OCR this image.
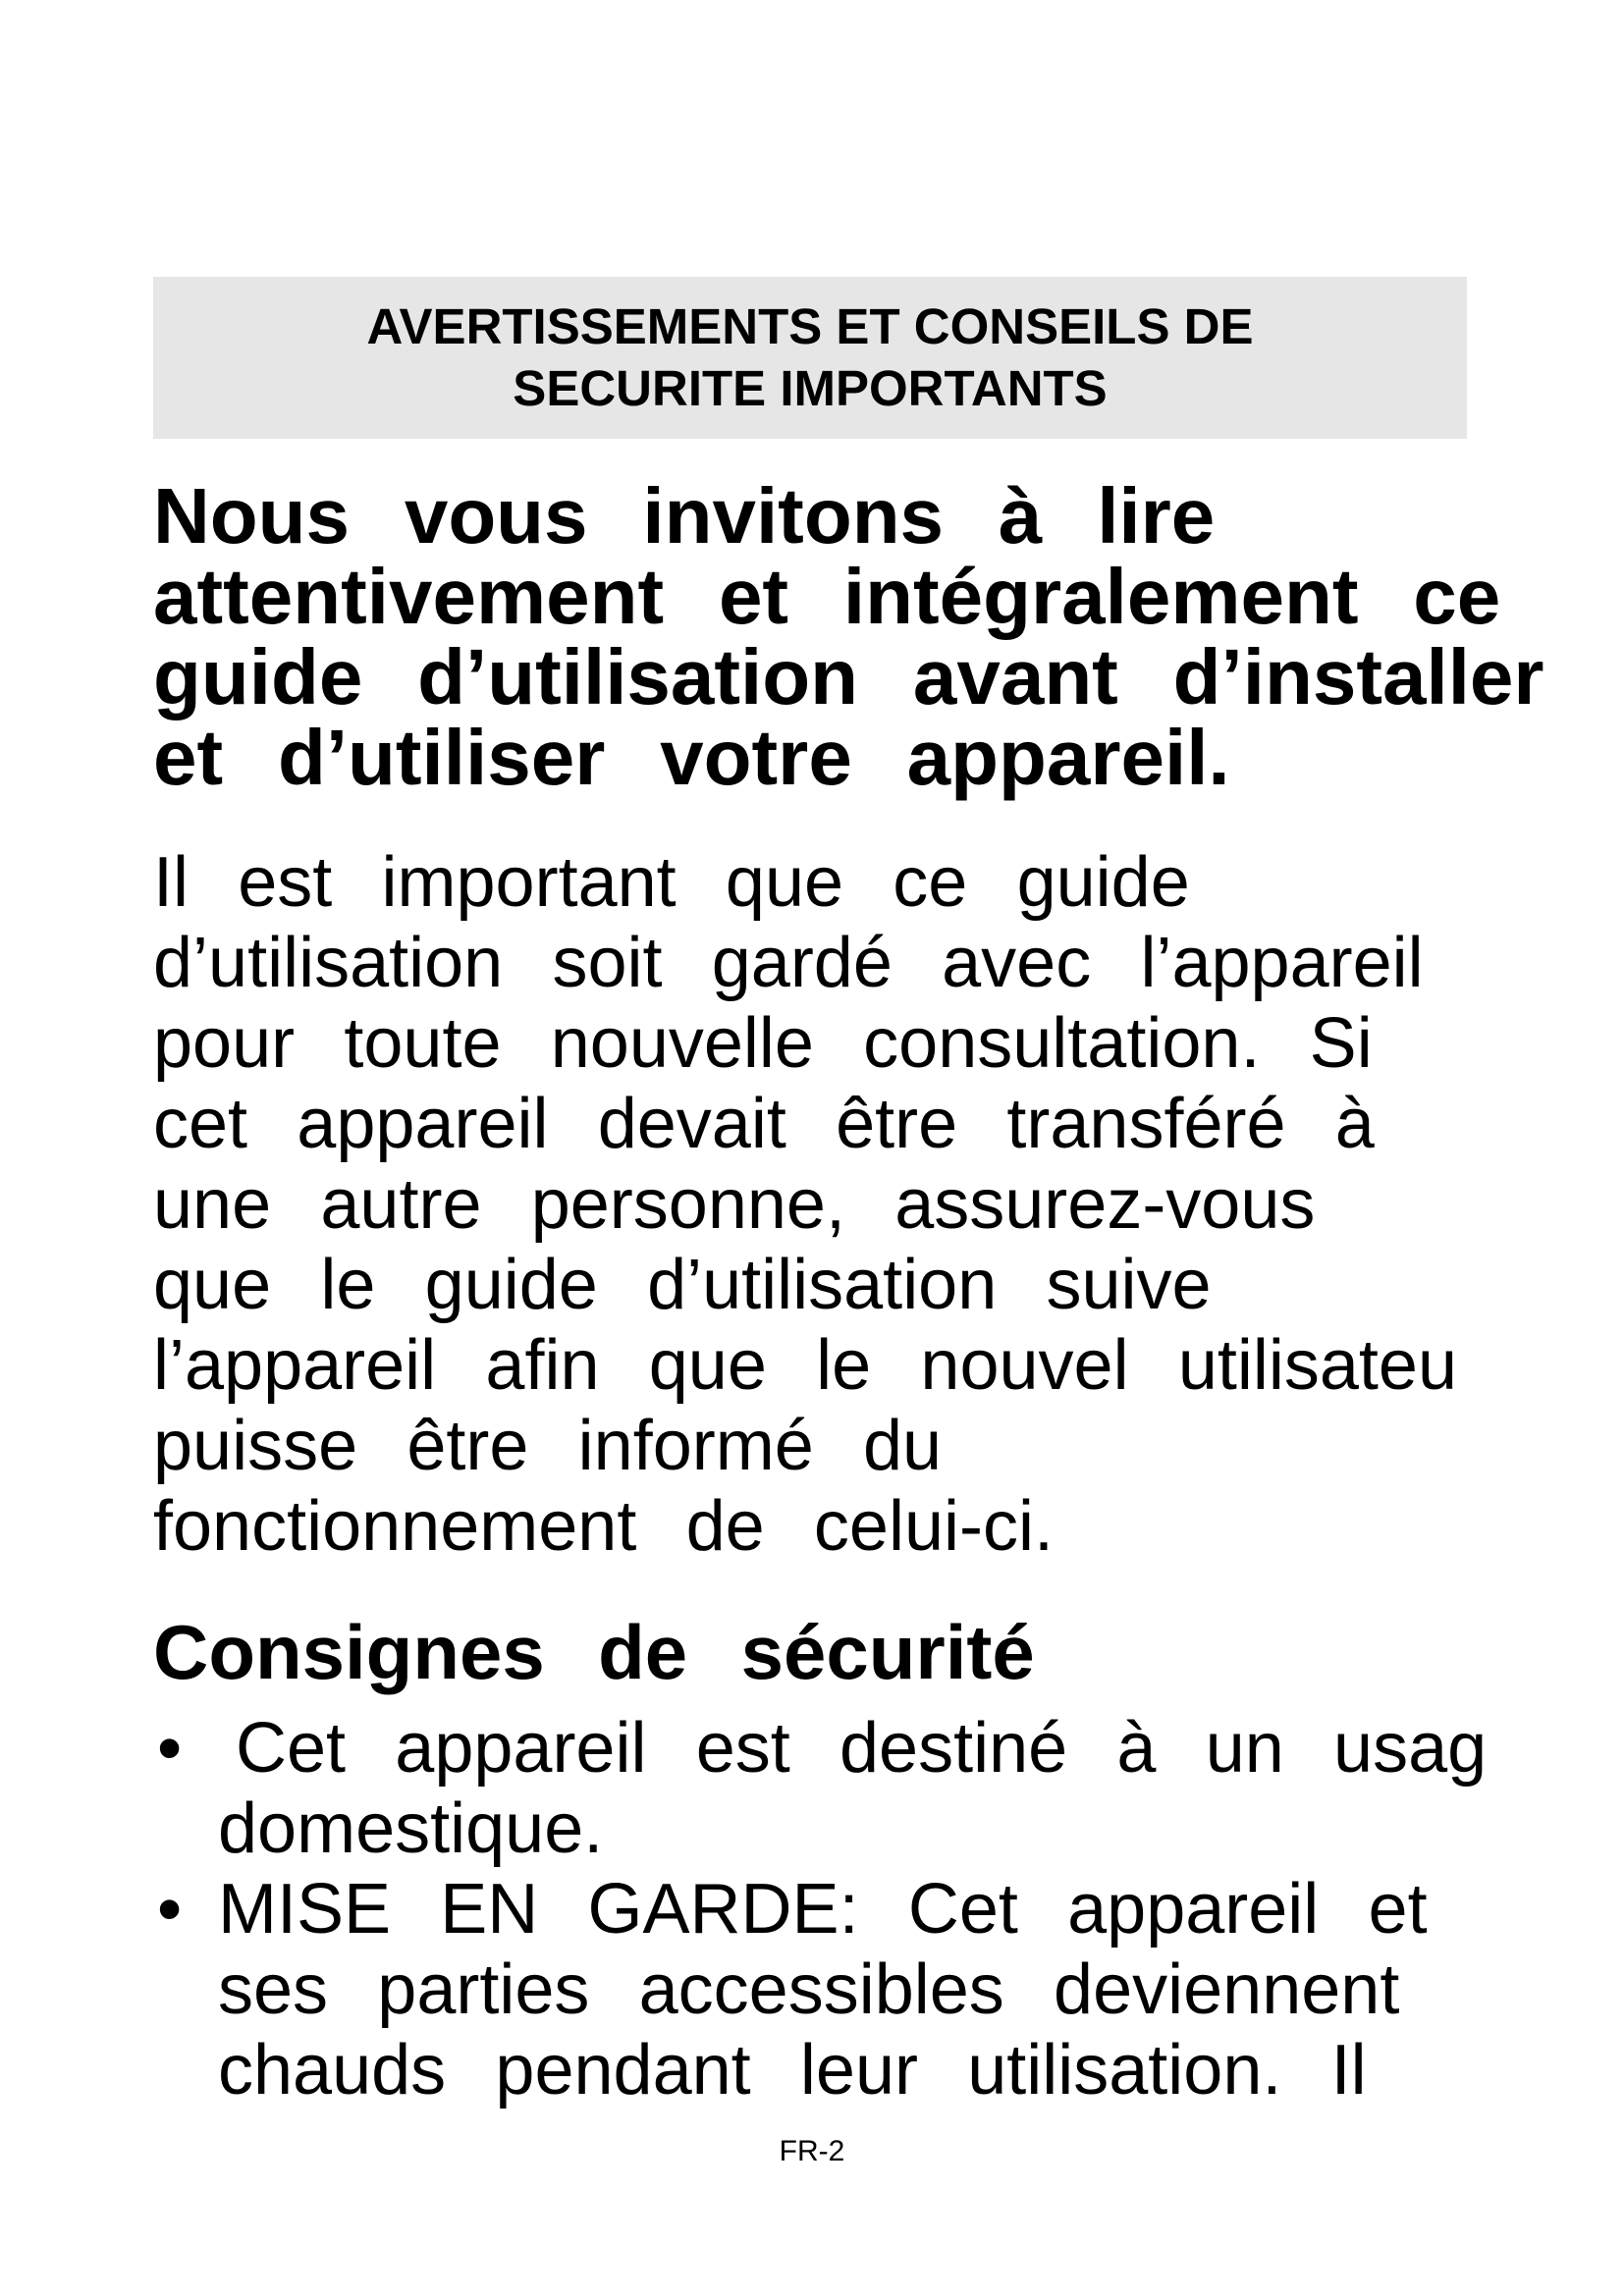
AVERTISSEMENTS ET CONSEILS DE
SECURITE IMPORTANTS
Nous vous invitons à lire
attentivement et intégralement ce
guide d’utilisation avant d’installer
et d’utiliser votre appareil.
Il est important que ce guide
d’utilisation soit gardé avec l’appareil
pour toute nouvelle consultation. Si
cet appareil devait être transféré à
une autre personne, assurez-vous
que le guide d’utilisation suive
l’appareil afin que le nouvel utilisateu
puisse être informé du
fonctionnement de celui-ci.
Consignes de sécurité
• Cet appareil est destiné à un usag
domestique.
• MISE EN GARDE: Cet appareil et
ses parties accessibles deviennent
chauds pendant leur utilisation. Il
FR-2
